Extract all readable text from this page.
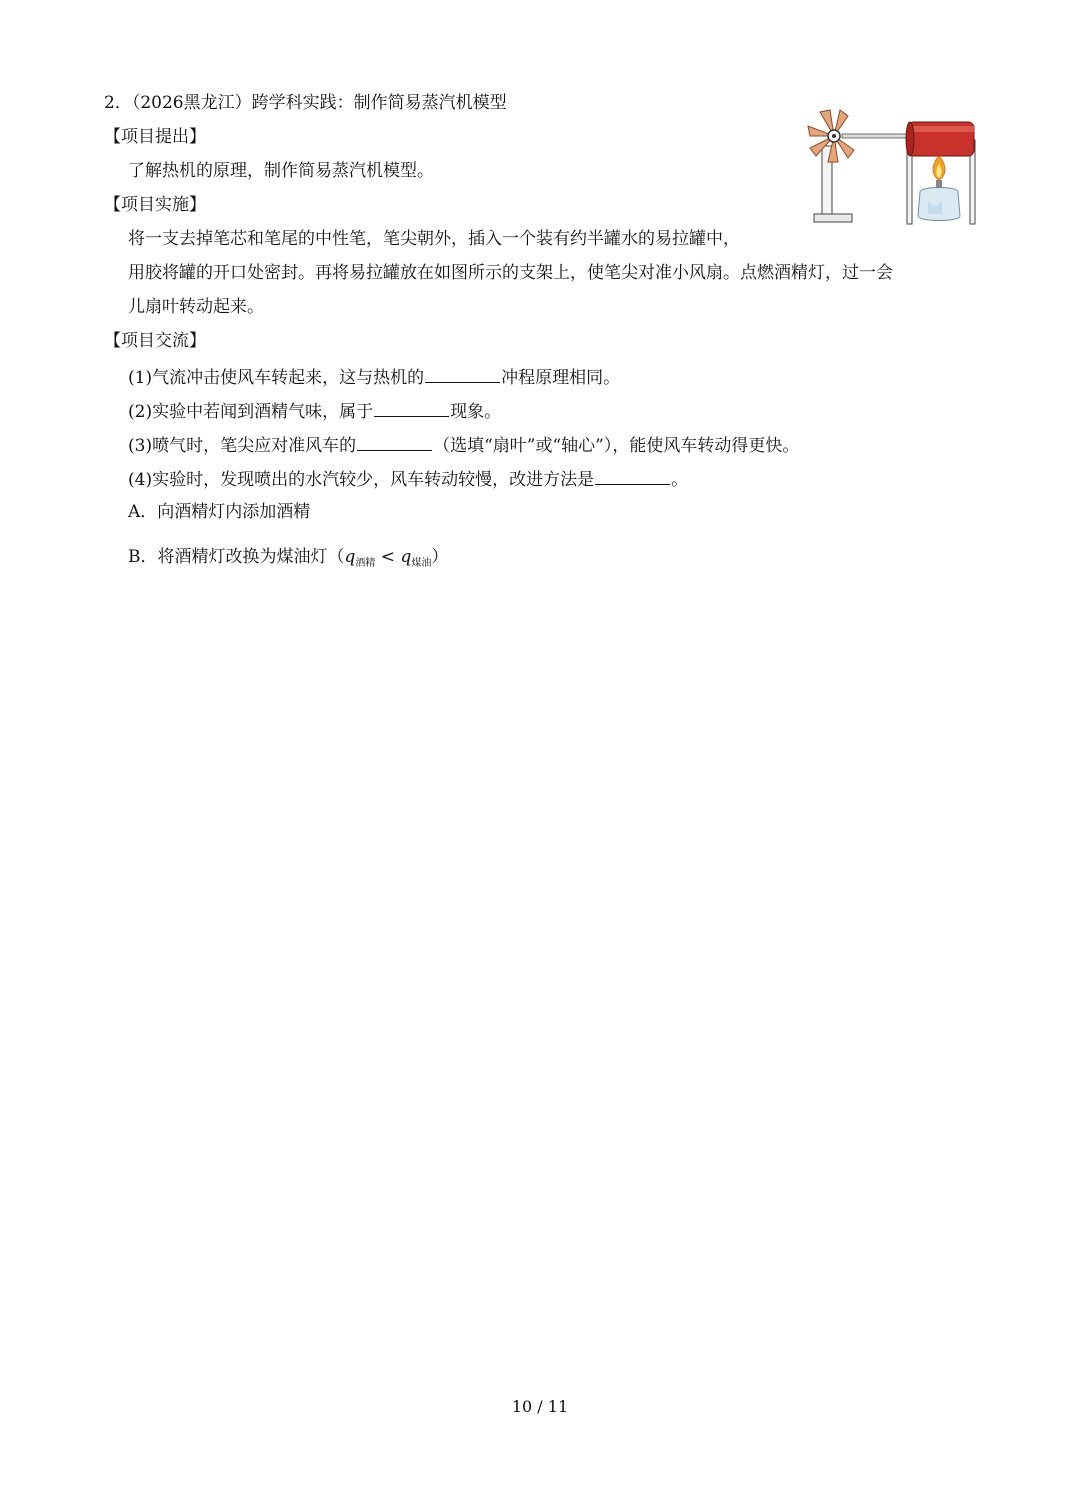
2．（2026黑龙江）跨学科实践：制作简易蒸汽机模型
【项目提出】
了解热机的原理，制作简易蒸汽机模型。
【项目实施】
将一支去掉笔芯和笔尾的中性笔，笔尖朝外，插入一个装有约半罐水的易拉罐中，
用胶将罐的开口处密封。再将易拉罐放在如图所示的支架上，使笔尖对准小风扇。点燃酒精灯，过一会
儿扇叶转动起来。
【项目交流】
(1)气流冲击使风车转起来，这与热机的	冲程原理相同。
(2)实验中若闻到酒精气味，属于	现象。
(3)喷气时，笔尖应对准风车的	（选填“扇叶”或“轴心”），能使风车转动得更快。
(4)实验时，发现喷出的水汽较少，风车转动较慢，改进方法是	。
A．向酒精灯内添加酒精
B．将酒精灯改换为煤油灯$(q_{酒精} < q_{煤油})$
10 / 11
